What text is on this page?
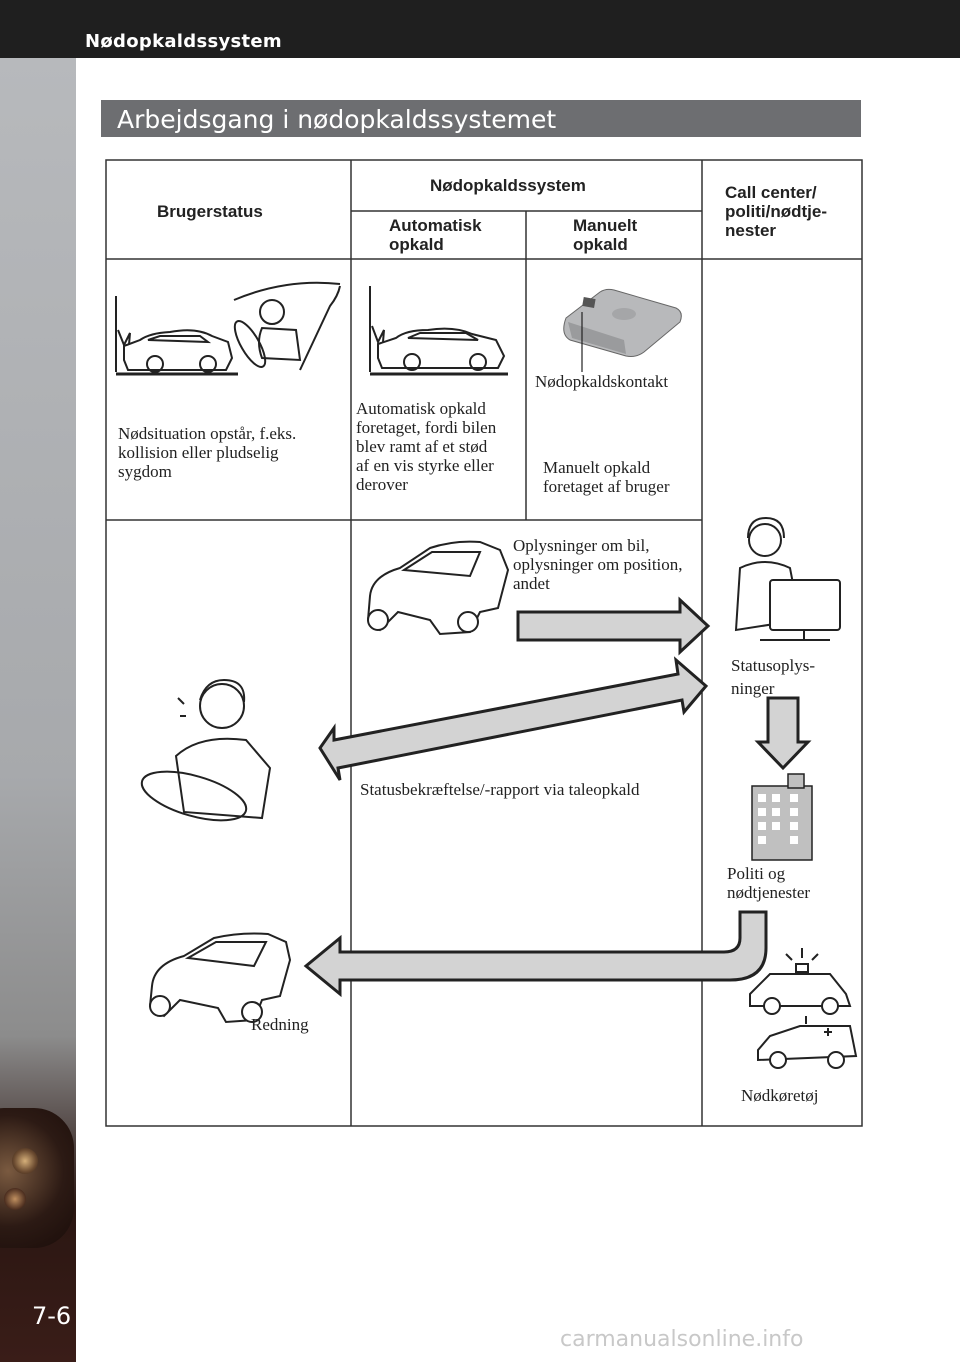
Nødopkaldssystem
7-6
Arbejdsgang i nødopkaldssystemet
Brugerstatus
Nødopkaldssystem
Automatisk
opkald
Manuelt
opkald
Call center/
politi/nødtje-
nester
Nødsituation opstår, f.eks.
kollision eller pludselig
sygdom
Automatisk opkald
foretaget, fordi bilen
blev ramt af et stød
af en vis styrke eller
derover
Nødopkaldskontakt
Manuelt opkald
foretaget af bruger
Oplysninger om bil,
oplysninger om position,
andet
Statusoplys-
ninger
Statusbekræftelse/-rapport via taleopkald
Politi og
nødtjenester
Redning
Nødkøretøj
carmanualsonline.info
